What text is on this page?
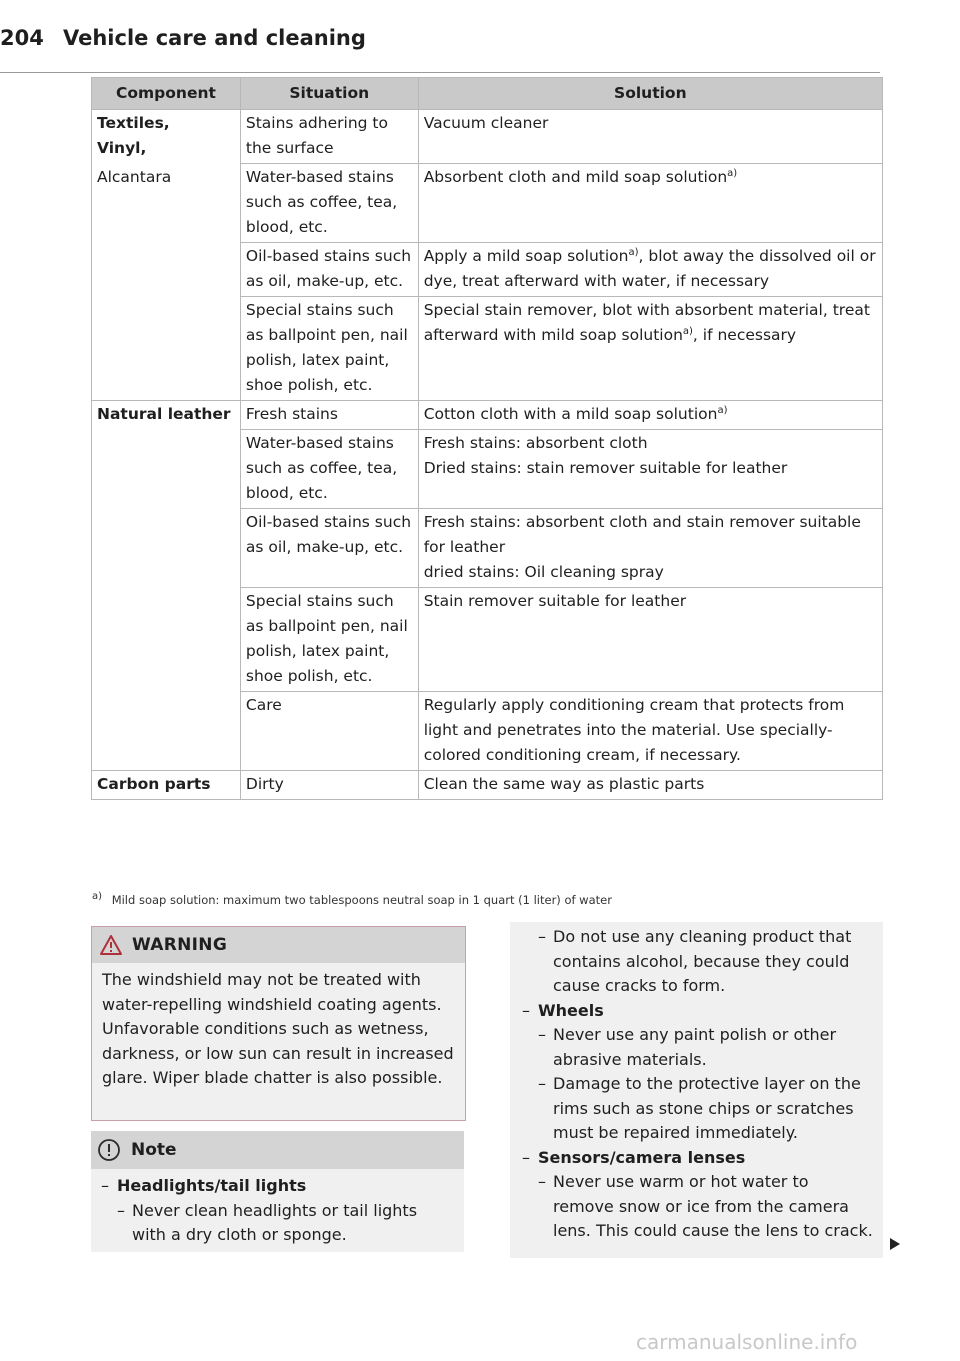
204 Vehicle care and cleaning
Component	Situation	Solution

Textiles,
Vinyl,	Stains adhering to the surface	Vacuum cleaner

Alcantara	Water-based stains such as coffee, tea, blood, etc.	Absorbent cloth and mild soap solution$^{a)}$
	Oil-based stains such as oil, make-up, etc.	Apply a mild soap solution$^{a)}$, blot away the dissolved oil or dye, treat afterward with water, if necessary
	Special stains such as ballpoint pen, nail polish, latex paint, shoe polish, etc.	Special stain remover, blot with absorbent material, treat afterward with mild soap solution$^{a)}$, if necessary

Natural leather	Fresh stains	Cotton cloth with a mild soap solution$^{a)}$
	Water-based stains such as coffee, tea, blood, etc.	Fresh stains: absorbent cloth
Dried stains: stain remover suitable for leather
	Oil-based stains such as oil, make-up, etc.	Fresh stains: absorbent cloth and stain remover suitable for leather
dried stains: Oil cleaning spray
	Special stains such as ballpoint pen, nail polish, latex paint, shoe polish, etc.	Stain remover suitable for leather
	Care	Regularly apply conditioning cream that protects from light and penetrates into the material. Use specially-colored conditioning cream, if necessary.

Carbon parts	Dirty	Clean the same way as plastic parts
$^{a)}$ Mild soap solution: maximum two tablespoons neutral soap in 1 quart (1 liter) of water
WARNING
The windshield may not be treated with water-repelling windshield coating agents. Unfavorable conditions such as wetness, darkness, or low sun can result in increased glare. Wiper blade chatter is also possible.
Note
– Headlights/tail lights
– Never clean headlights or tail lights with a dry cloth or sponge.
– Do not use any cleaning product that contains alcohol, because they could cause cracks to form.
– Wheels
– Never use any paint polish or other abrasive materials.
– Damage to the protective layer on the rims such as stone chips or scratches must be repaired immediately.
– Sensors/camera lenses
– Never use warm or hot water to remove snow or ice from the camera lens. This could cause the lens to crack.
carmanualsonline.info
